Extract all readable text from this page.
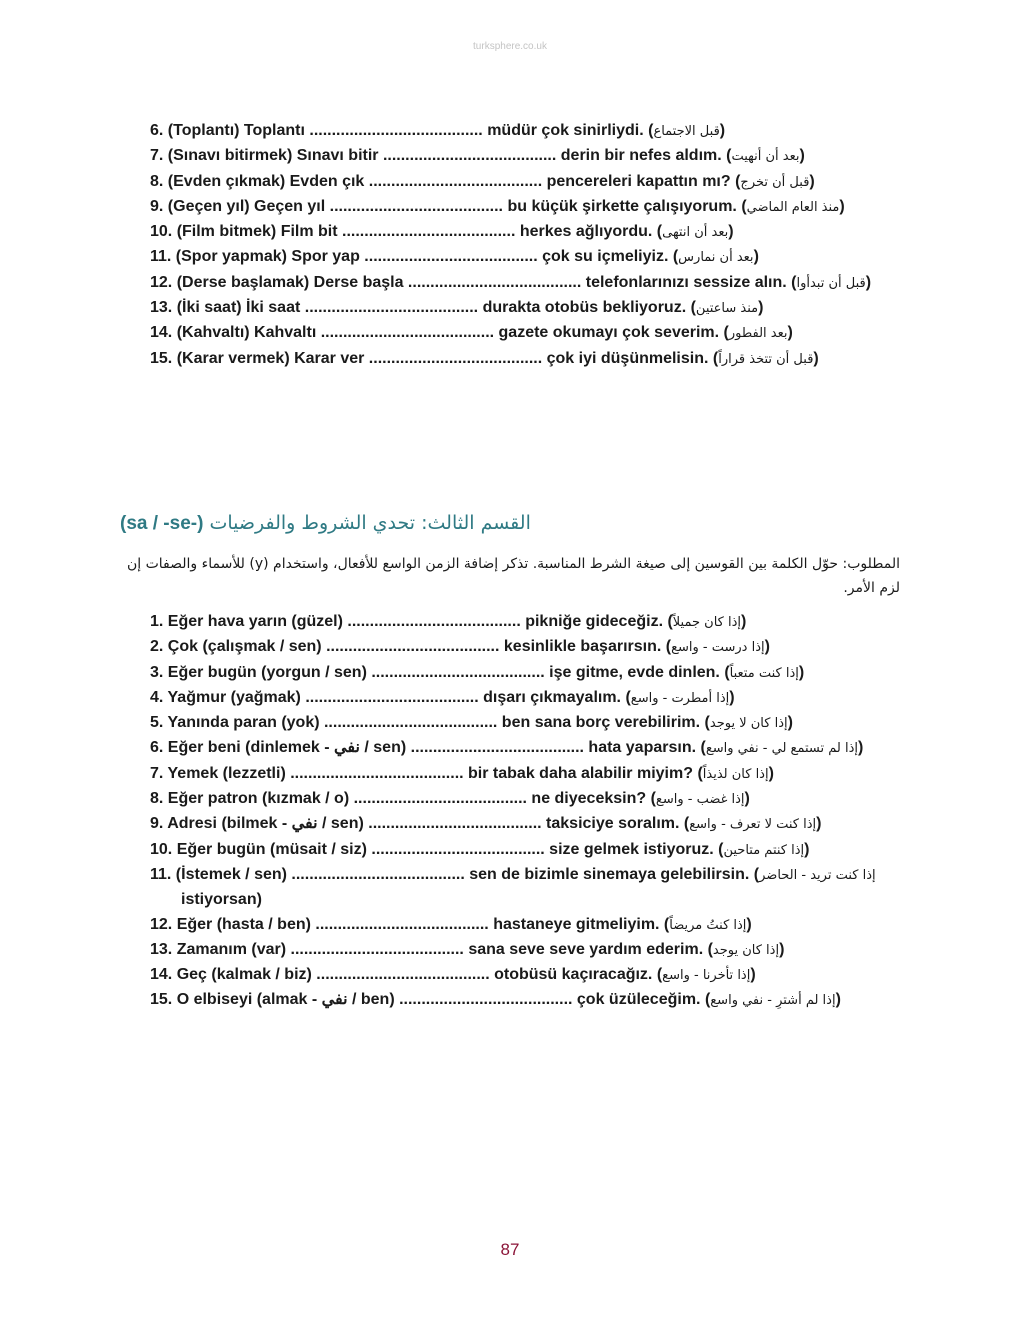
turksphere.co.uk
6. (Toplantı) Toplantı ....................................... müdür çok sinirliydi. (قبل الاجتماع)
7. (Sınavı bitirmek) Sınavı bitir ....................................... derin bir nefes aldım. (بعد أن أنهيت)
8. (Evden çıkmak) Evden çık ....................................... pencereleri kapattın mı? (قبل أن تخرج)
9. (Geçen yıl) Geçen yıl ....................................... bu küçük şirkette çalışıyorum. (منذ العام الماضي)
10. (Film bitmek) Film bit ....................................... herkes ağlıyordu. (بعد أن انتهى)
11. (Spor yapmak) Spor yap ....................................... çok su içmeliyiz. (بعد أن نمارس)
12. (Derse başlamak) Derse başla ....................................... telefonlarınızı sessize alın. (قبل أن تبدأوا)
13. (İki saat) İki saat ....................................... durakta otobüs bekliyoruz. (منذ ساعتين)
14. (Kahvaltı) Kahvaltı ....................................... gazete okumayı çok severim. (بعد الفطور)
15. (Karar vermek) Karar ver ....................................... çok iyi düşünmelisin. (قبل أن تتخذ قراراً)
القسم الثالث: تحدي الشروط والفرضيات (-sa / -se)

المطلوب: حوّل الكلمة بين القوسين إلى صيغة الشرط المناسبة. تذكر إضافة الزمن الواسع للأفعال، واستخدام (y) للأسماء والصفات إن لزم الأمر.

1. Eğer hava yarın (güzel) ....................................... pikniğe gideceğiz. (إذا كان جميلاً)
2. Çok (çalışmak / sen) ....................................... kesinlikle başarırsın. (إذا درست - واسع)
3. Eğer bugün (yorgun / sen) ....................................... işe gitme, evde dinlen. (إذا كنت متعباً)
4. Yağmur (yağmak) ....................................... dışarı çıkmayalım. (إذا أمطرت - واسع)
5. Yanında paran (yok) ....................................... ben sana borç verebilirim. (إذا كان لا يوجد)
6. Eğer beni (dinlemek - نفي / sen) ....................................... hata yaparsın. (إذا لم تستمع لي - نفي واسع)
7. Yemek (lezzetli) ....................................... bir tabak daha alabilir miyim? (إذا كان لذيذاً)
8. Eğer patron (kızmak / o) ....................................... ne diyeceksin? (إذا غضب - واسع)
9. Adresi (bilmek - نفي / sen) ....................................... taksiciye soralım. (إذا كنت لا تعرف - واسع)
10. Eğer bugün (müsait / siz) ....................................... size gelmek istiyoruz. (إذا كنتم متاحين)
11. (İstemek / sen) ....................................... sen de bizimle sinemaya gelebilirsin. (إذا كنت تريد - الحاضر istiyorsan)
12. Eğer (hasta / ben) ....................................... hastaneye gitmeliyim. (إذا كنتُ مريضاً)
13. Zamanım (var) ....................................... sana seve seve yardım ederim. (إذا كان يوجد)
14. Geç (kalmak / biz) ....................................... otobüsü kaçıracağız. (إذا تأخرنا - واسع)
15. O elbiseyi (almak - نفي / ben) ....................................... çok üzüleceğim. (إذا لم أشترِ - نفي واسع)
87
